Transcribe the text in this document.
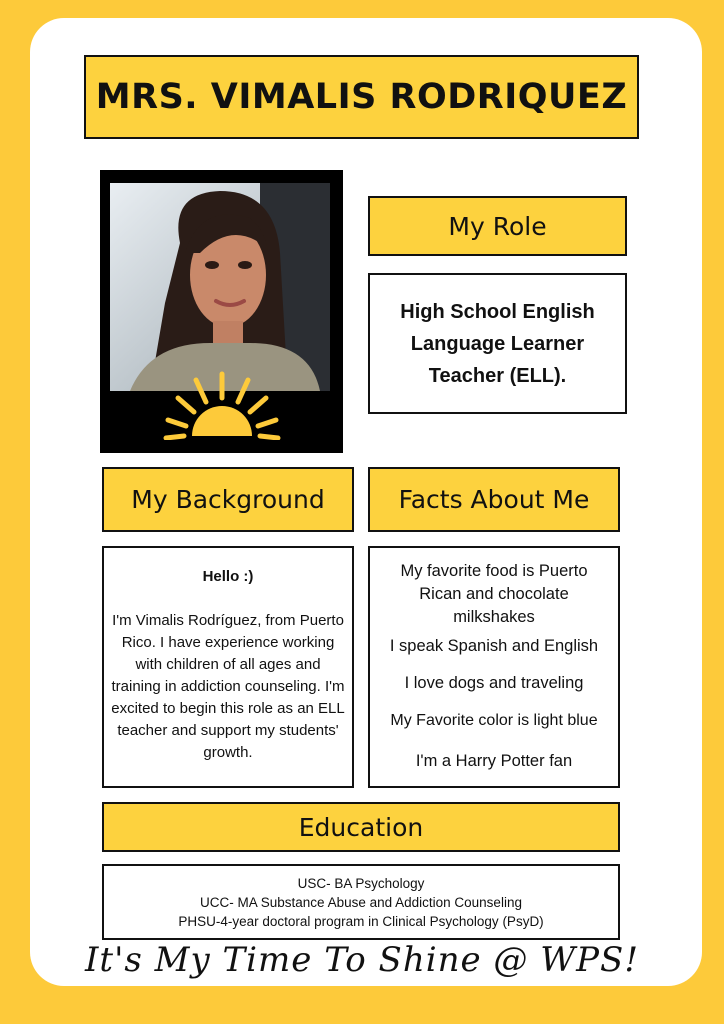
MRS. VIMALIS RODRIQUEZ
My Role
High School English Language Learner Teacher (ELL).
My Background
Hello :)
I'm Vimalis Rodríguez, from Puerto Rico. I have experience working with children of all ages and training in addiction counseling. I'm excited to begin this role as an ELL teacher and support my students' growth.
Facts About Me
My favorite food is Puerto Rican and chocolate milkshakes
I speak Spanish and English
I love dogs and traveling
My Favorite color is light blue
I'm a Harry Potter fan
Education
USC- BA Psychology
UCC- MA Substance Abuse and Addiction Counseling
PHSU-4-year doctoral program in Clinical Psychology (PsyD)
It's My Time To Shine @ WPS!
